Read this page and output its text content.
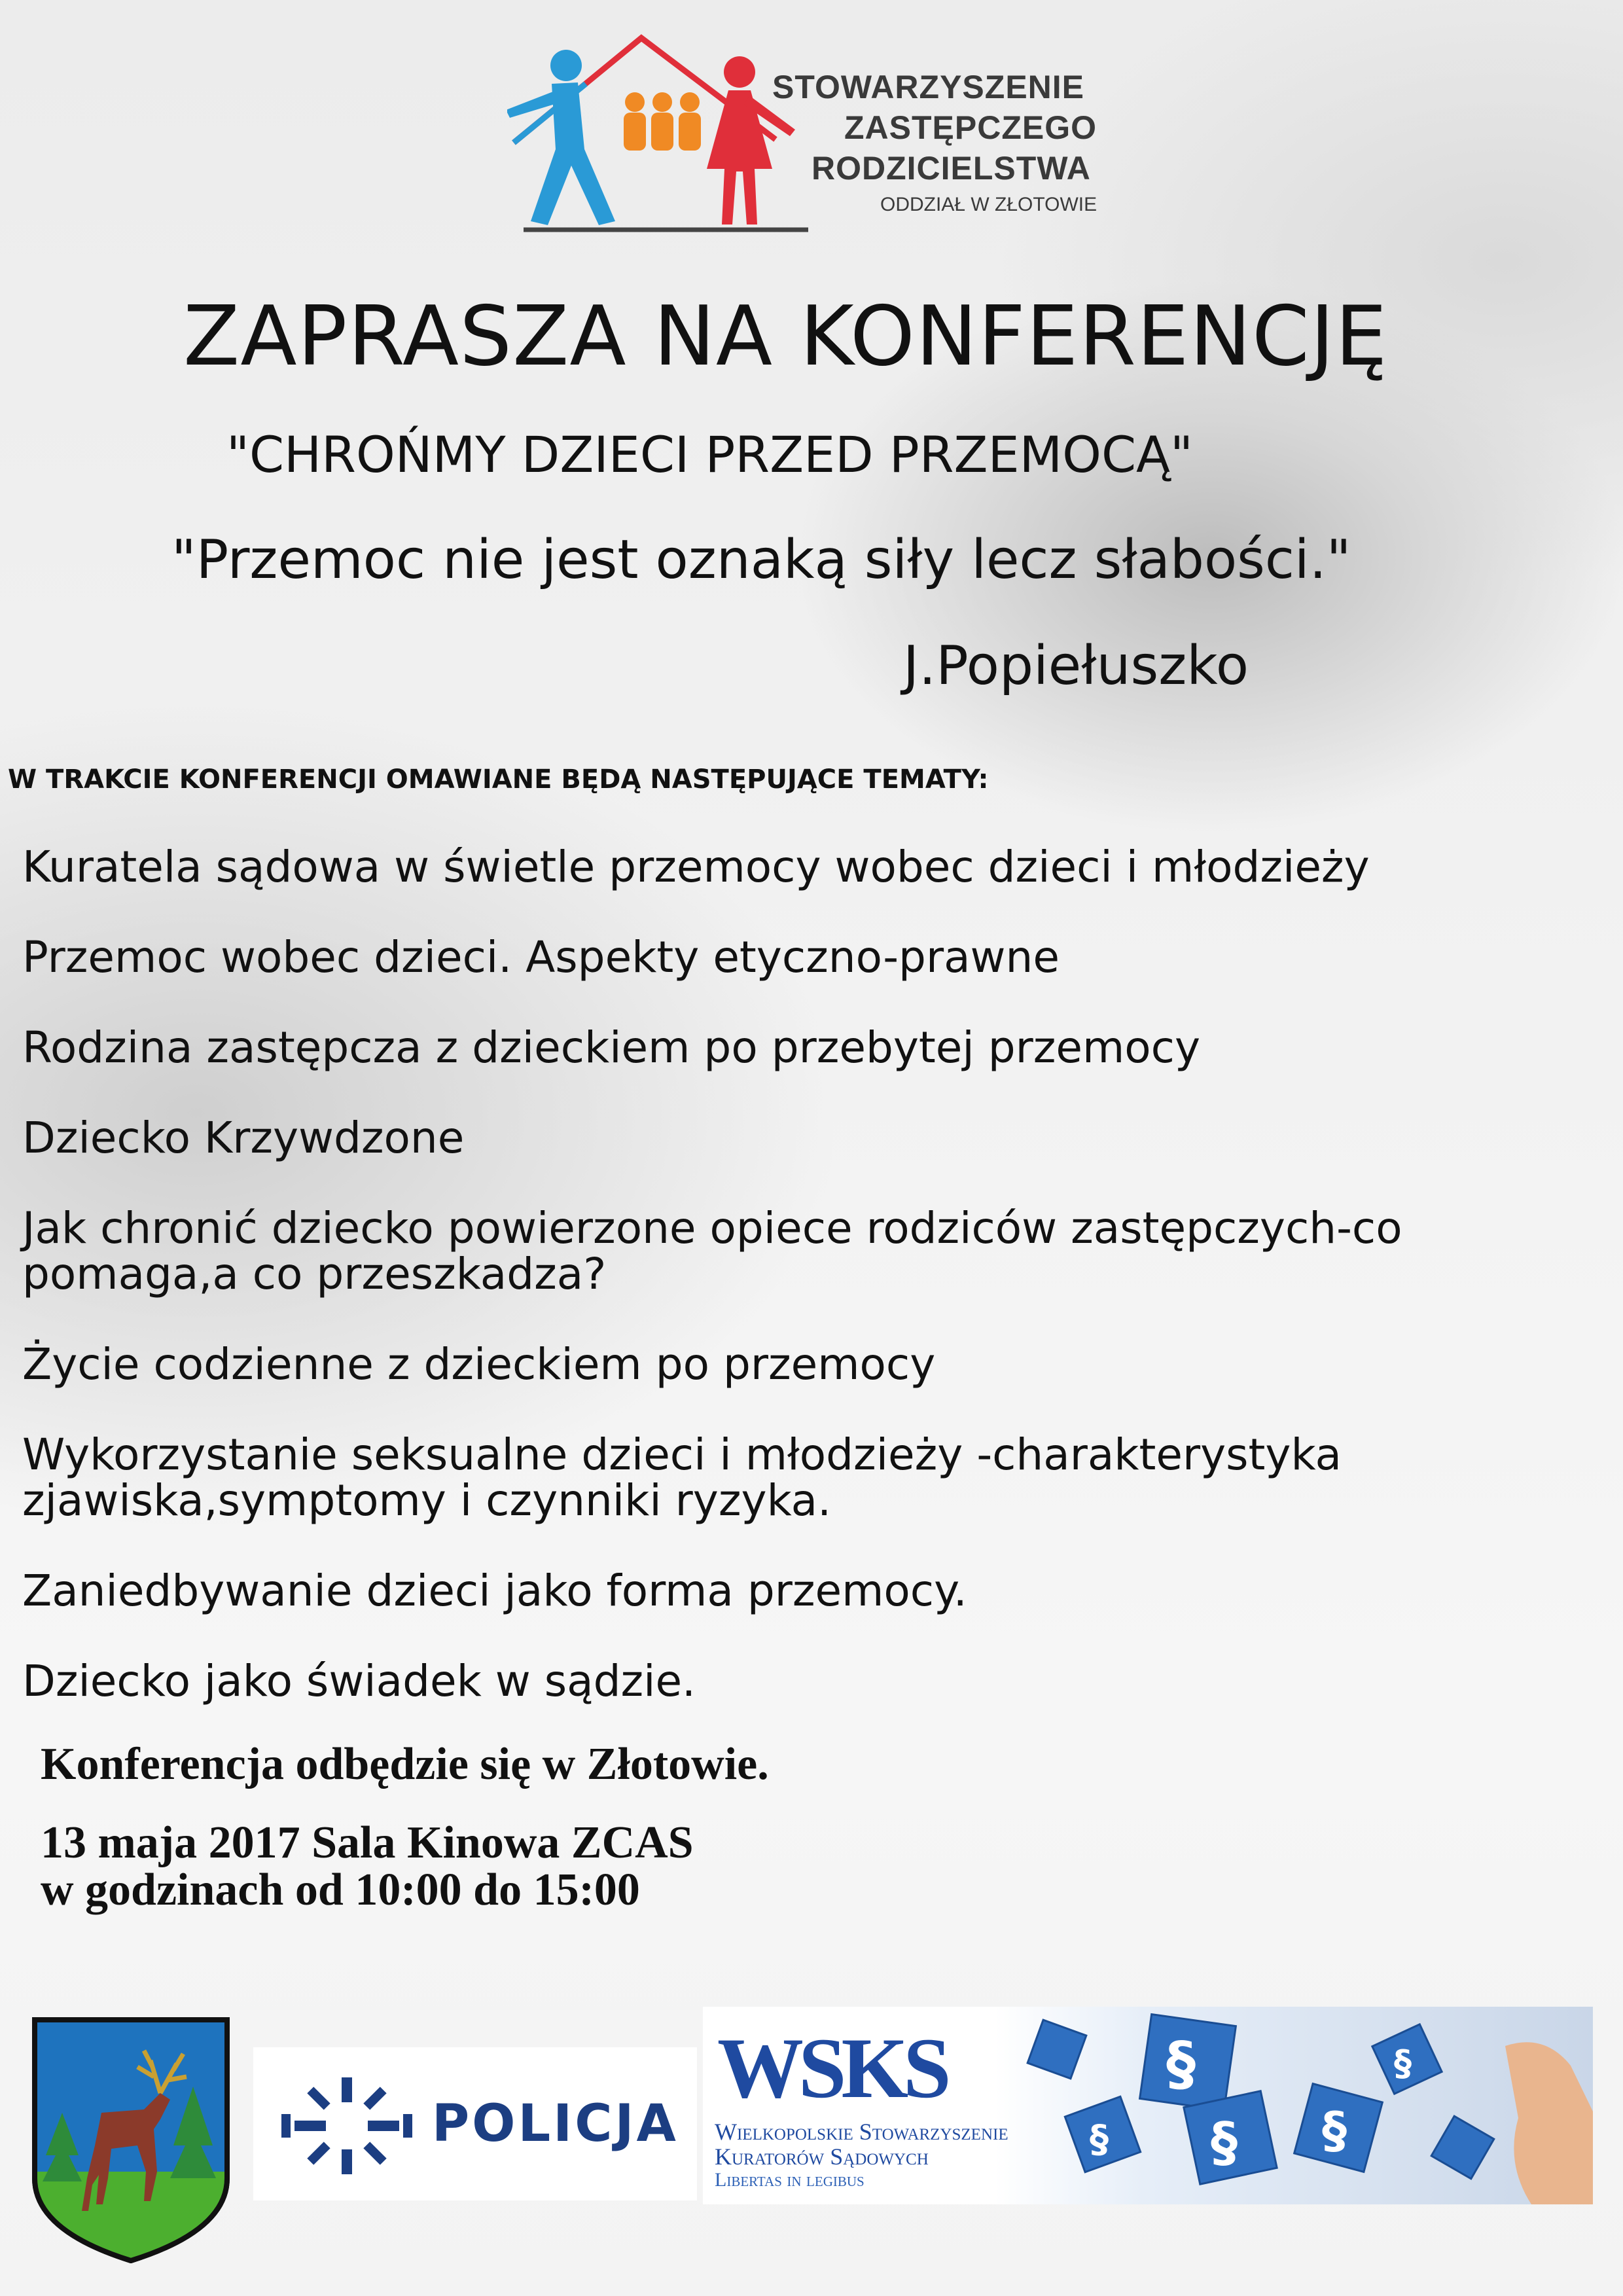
STOWARZYSZENIE
ZASTĘPCZEGO
RODZICIELSTWA
ODDZIAŁ W ZŁOTOWIE
ZAPRASZA NA KONFERENCJĘ
"CHROŃMY DZIECI PRZED PRZEMOCĄ"
"Przemoc nie jest oznaką siły lecz słabości."
J.Popiełuszko
W TRAKCIE KONFERENCJI OMAWIANE BĘDĄ NASTĘPUJĄCE TEMATY:
Kuratela sądowa w świetle przemocy wobec dzieci i młodzieży
Przemoc wobec dzieci. Aspekty etyczno-prawne
Rodzina zastępcza z dzieckiem po przebytej przemocy
Dziecko Krzywdzone
Jak chronić dziecko powierzone opiece rodziców zastępczych-co
pomaga,a co przeszkadza?
Życie codzienne z dzieckiem po przemocy
Wykorzystanie seksualne dzieci i młodzieży -charakterystyka
zjawiska,symptomy i czynniki ryzyka.
Zaniedbywanie dzieci jako forma przemocy.
Dziecko jako świadek w sądzie.
Konferencja odbędzie się w Złotowie.
13 maja 2017 Sala Kinowa ZCAS
w godzinach od 10:00 do 15:00
POLICJA
§
§
§	§
§
WSKS
Wielkopolskie Stowarzyszenie
Kuratorów Sądowych
Libertas in legibus
